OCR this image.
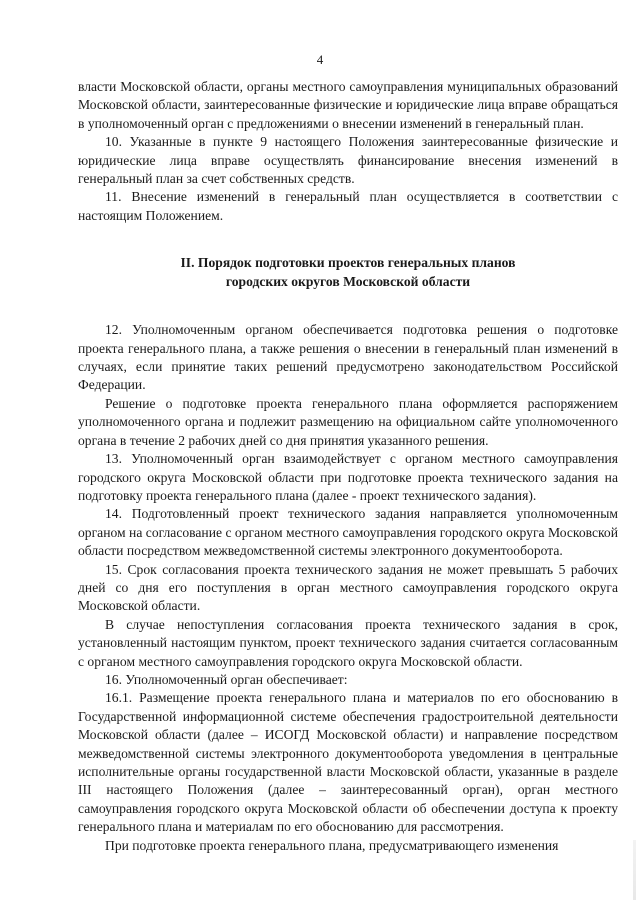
4

власти Московской области, органы местного самоуправления муниципальных образований Московской области, заинтересованные физические и юридические лица вправе обращаться в уполномоченный орган с предложениями о внесении изменений в генеральный план.

10. Указанные в пункте 9 настоящего Положения заинтересованные физические и юридические лица вправе осуществлять финансирование внесения изменений в генеральный план за счет собственных средств.

11. Внесение изменений в генеральный план осуществляется в соответствии с настоящим Положением.

II. Порядок подготовки проектов генеральных планов
городских округов Московской области

12. Уполномоченным органом обеспечивается подготовка решения о подготовке проекта генерального плана, а также решения о внесении в генеральный план изменений в случаях, если принятие таких решений предусмотрено законодательством Российской Федерации.

Решение о подготовке проекта генерального плана оформляется распоряжением уполномоченного органа и подлежит размещению на официальном сайте уполномоченного органа в течение 2 рабочих дней со дня принятия указанного решения.

13. Уполномоченный орган взаимодействует с органом местного самоуправления городского округа Московской области при подготовке проекта технического задания на подготовку проекта генерального плана (далее - проект технического задания).

14. Подготовленный проект технического задания направляется уполномоченным органом на согласование с органом местного самоуправления городского округа Московской области посредством межведомственной системы электронного документооборота.

15. Срок согласования проекта технического задания не может превышать 5 рабочих дней со дня его поступления в орган местного самоуправления городского округа Московской области.

В случае непоступления согласования проекта технического задания в срок, установленный настоящим пунктом, проект технического задания считается согласованным с органом местного самоуправления городского округа Московской области.

16. Уполномоченный орган обеспечивает:

16.1. Размещение проекта генерального плана и материалов по его обоснованию в Государственной информационной системе обеспечения градостроительной деятельности Московской области (далее – ИСОГД Московской области) и направление посредством межведомственной системы электронного документооборота уведомления в центральные исполнительные органы государственной власти Московской области, указанные в разделе III настоящего Положения (далее – заинтересованный орган), орган местного самоуправления городского округа Московской области об обеспечении доступа к проекту генерального плана и материалам по его обоснованию для рассмотрения.

При подготовке проекта генерального плана, предусматривающего изменения
